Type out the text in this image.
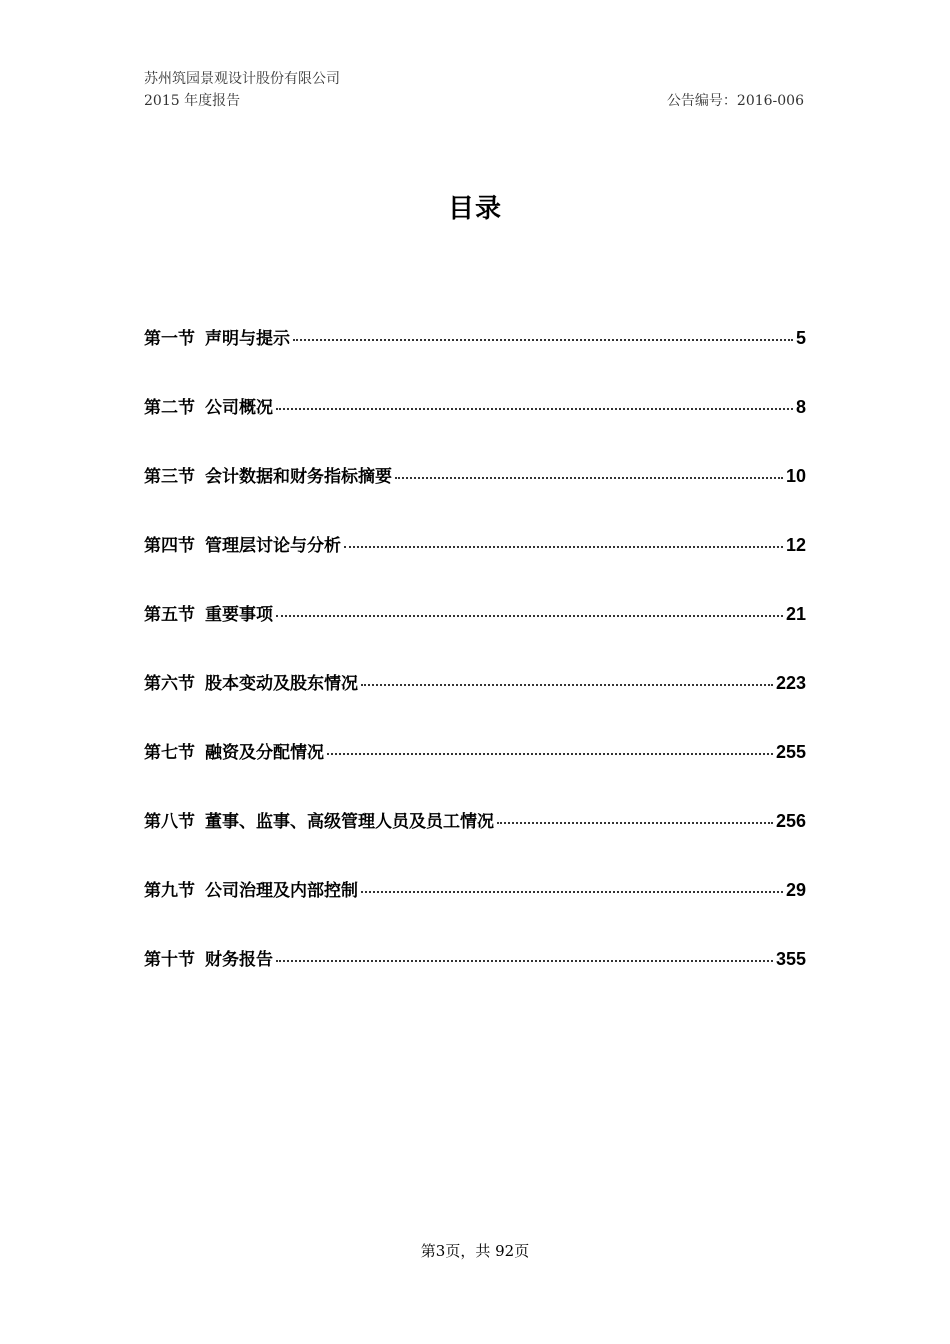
苏州筑园景观设计股份有限公司
2015 年度报告	公告编号：2016-006
目录
第一节 声明与提示	5
第二节 公司概况	8
第三节 会计数据和财务指标摘要	10
第四节 管理层讨论与分析	12
第五节 重要事项	21
第六节 股本变动及股东情况	223
第七节 融资及分配情况	255
第八节 董事、监事、高级管理人员及员工情况	256
第九节 公司治理及内部控制	29
第十节 财务报告	355
第3页，共 92页
